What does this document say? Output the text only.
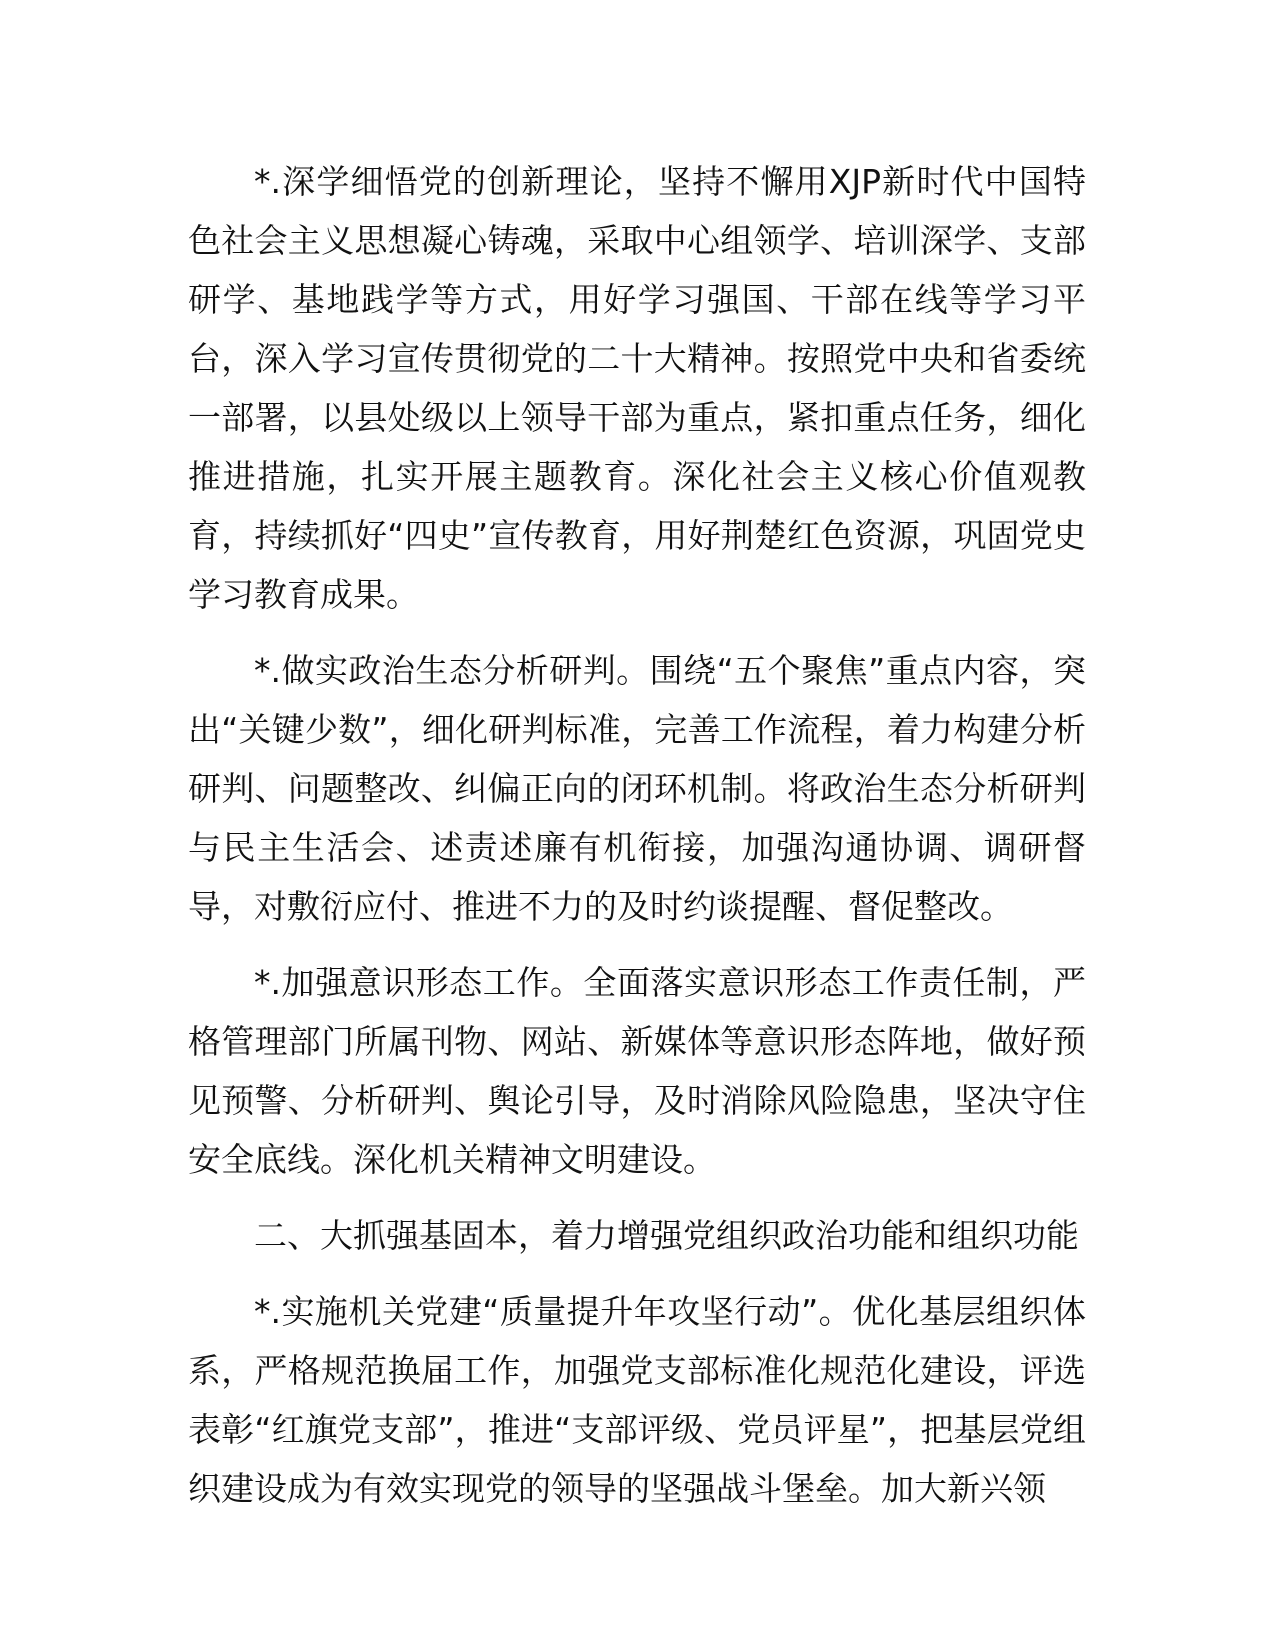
*.深学细悟党的创新理论，坚持不懈用XJP新时代中国特色社会主义思想凝心铸魂，采取中心组领学、培训深学、支部研学、基地践学等方式，用好学习强国、干部在线等学习平台，深入学习宣传贯彻党的二十大精神。按照党中央和省委统一部署，以县处级以上领导干部为重点，紧扣重点任务，细化推进措施，扎实开展主题教育。深化社会主义核心价值观教育，持续抓好“四史”宣传教育，用好荆楚红色资源，巩固党史学习教育成果。

*.做实政治生态分析研判。围绕“五个聚焦”重点内容，突出“关键少数”，细化研判标准，完善工作流程，着力构建分析研判、问题整改、纠偏正向的闭环机制。将政治生态分析研判与民主生活会、述责述廉有机衔接，加强沟通协调、调研督导，对敷衍应付、推进不力的及时约谈提醒、督促整改。

*.加强意识形态工作。全面落实意识形态工作责任制，严格管理部门所属刊物、网站、新媒体等意识形态阵地，做好预见预警、分析研判、舆论引导，及时消除风险隐患，坚决守住安全底线。深化机关精神文明建设。

二、大抓强基固本，着力增强党组织政治功能和组织功能

*.实施机关党建“质量提升年攻坚行动”。优化基层组织体系，严格规范换届工作，加强党支部标准化规范化建设，评选表彰“红旗党支部”，推进“支部评级、党员评星”，把基层党组织建设成为有效实现党的领导的坚强战斗堡垒。加大新兴领
